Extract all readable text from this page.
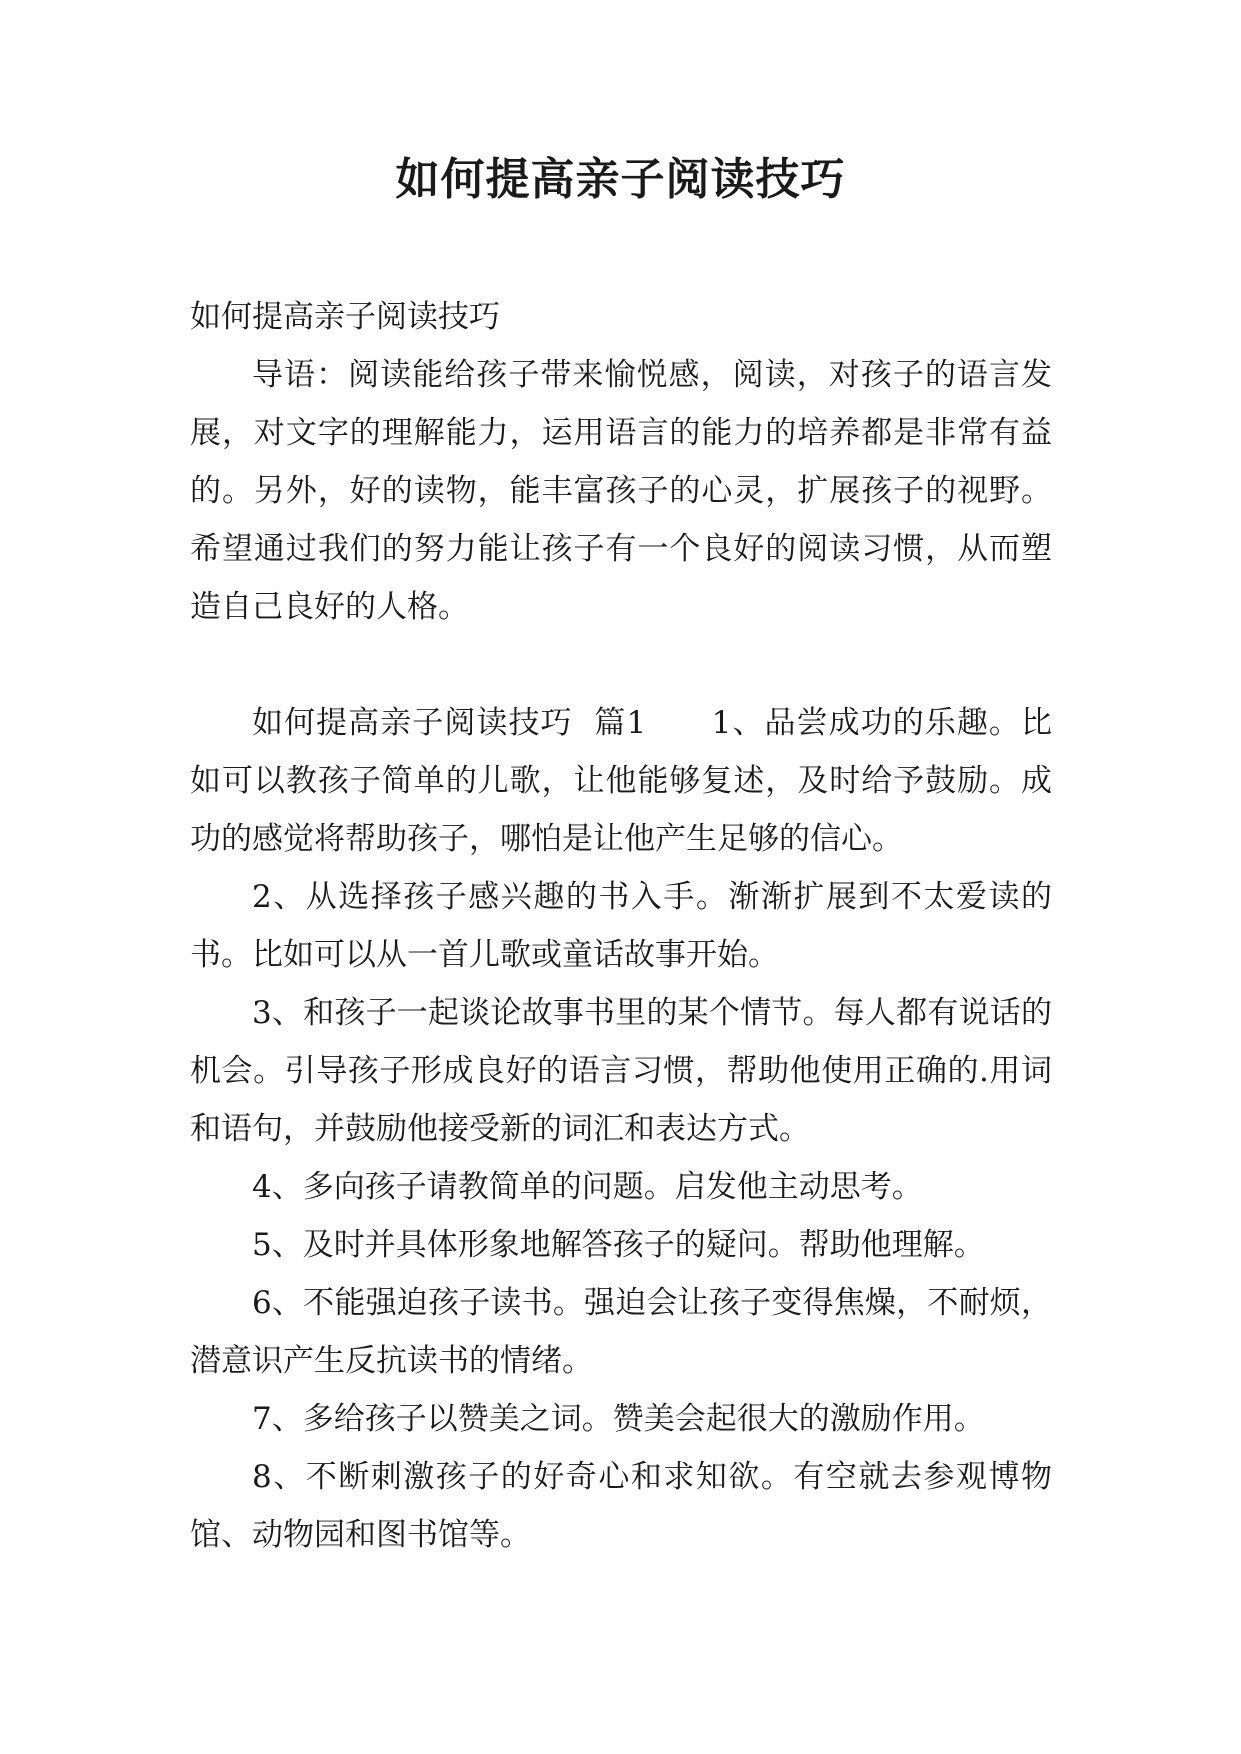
如何提高亲子阅读技巧

如何提高亲子阅读技巧

导语：阅读能给孩子带来愉悦感，阅读，对孩子的语言发展，对文字的理解能力，运用语言的能力的培养都是非常有益的。另外，好的读物，能丰富孩子的心灵，扩展孩子的视野。希望通过我们的努力能让孩子有一个良好的阅读习惯，从而塑造自己良好的人格。

如何提高亲子阅读技巧  篇1      1、品尝成功的乐趣。比如可以教孩子简单的儿歌，让他能够复述，及时给予鼓励。成功的感觉将帮助孩子，哪怕是让他产生足够的信心。

2、从选择孩子感兴趣的书入手。渐渐扩展到不太爱读的书。比如可以从一首儿歌或童话故事开始。

3、和孩子一起谈论故事书里的某个情节。每人都有说话的机会。引导孩子形成良好的语言习惯，帮助他使用正确的.用词和语句，并鼓励他接受新的词汇和表达方式。

4、多向孩子请教简单的问题。启发他主动思考。

5、及时并具体形象地解答孩子的疑问。帮助他理解。

6、不能强迫孩子读书。强迫会让孩子变得焦燥，不耐烦，潜意识产生反抗读书的情绪。

7、多给孩子以赞美之词。赞美会起很大的激励作用。

8、不断刺激孩子的好奇心和求知欲。有空就去参观博物馆、动物园和图书馆等。
